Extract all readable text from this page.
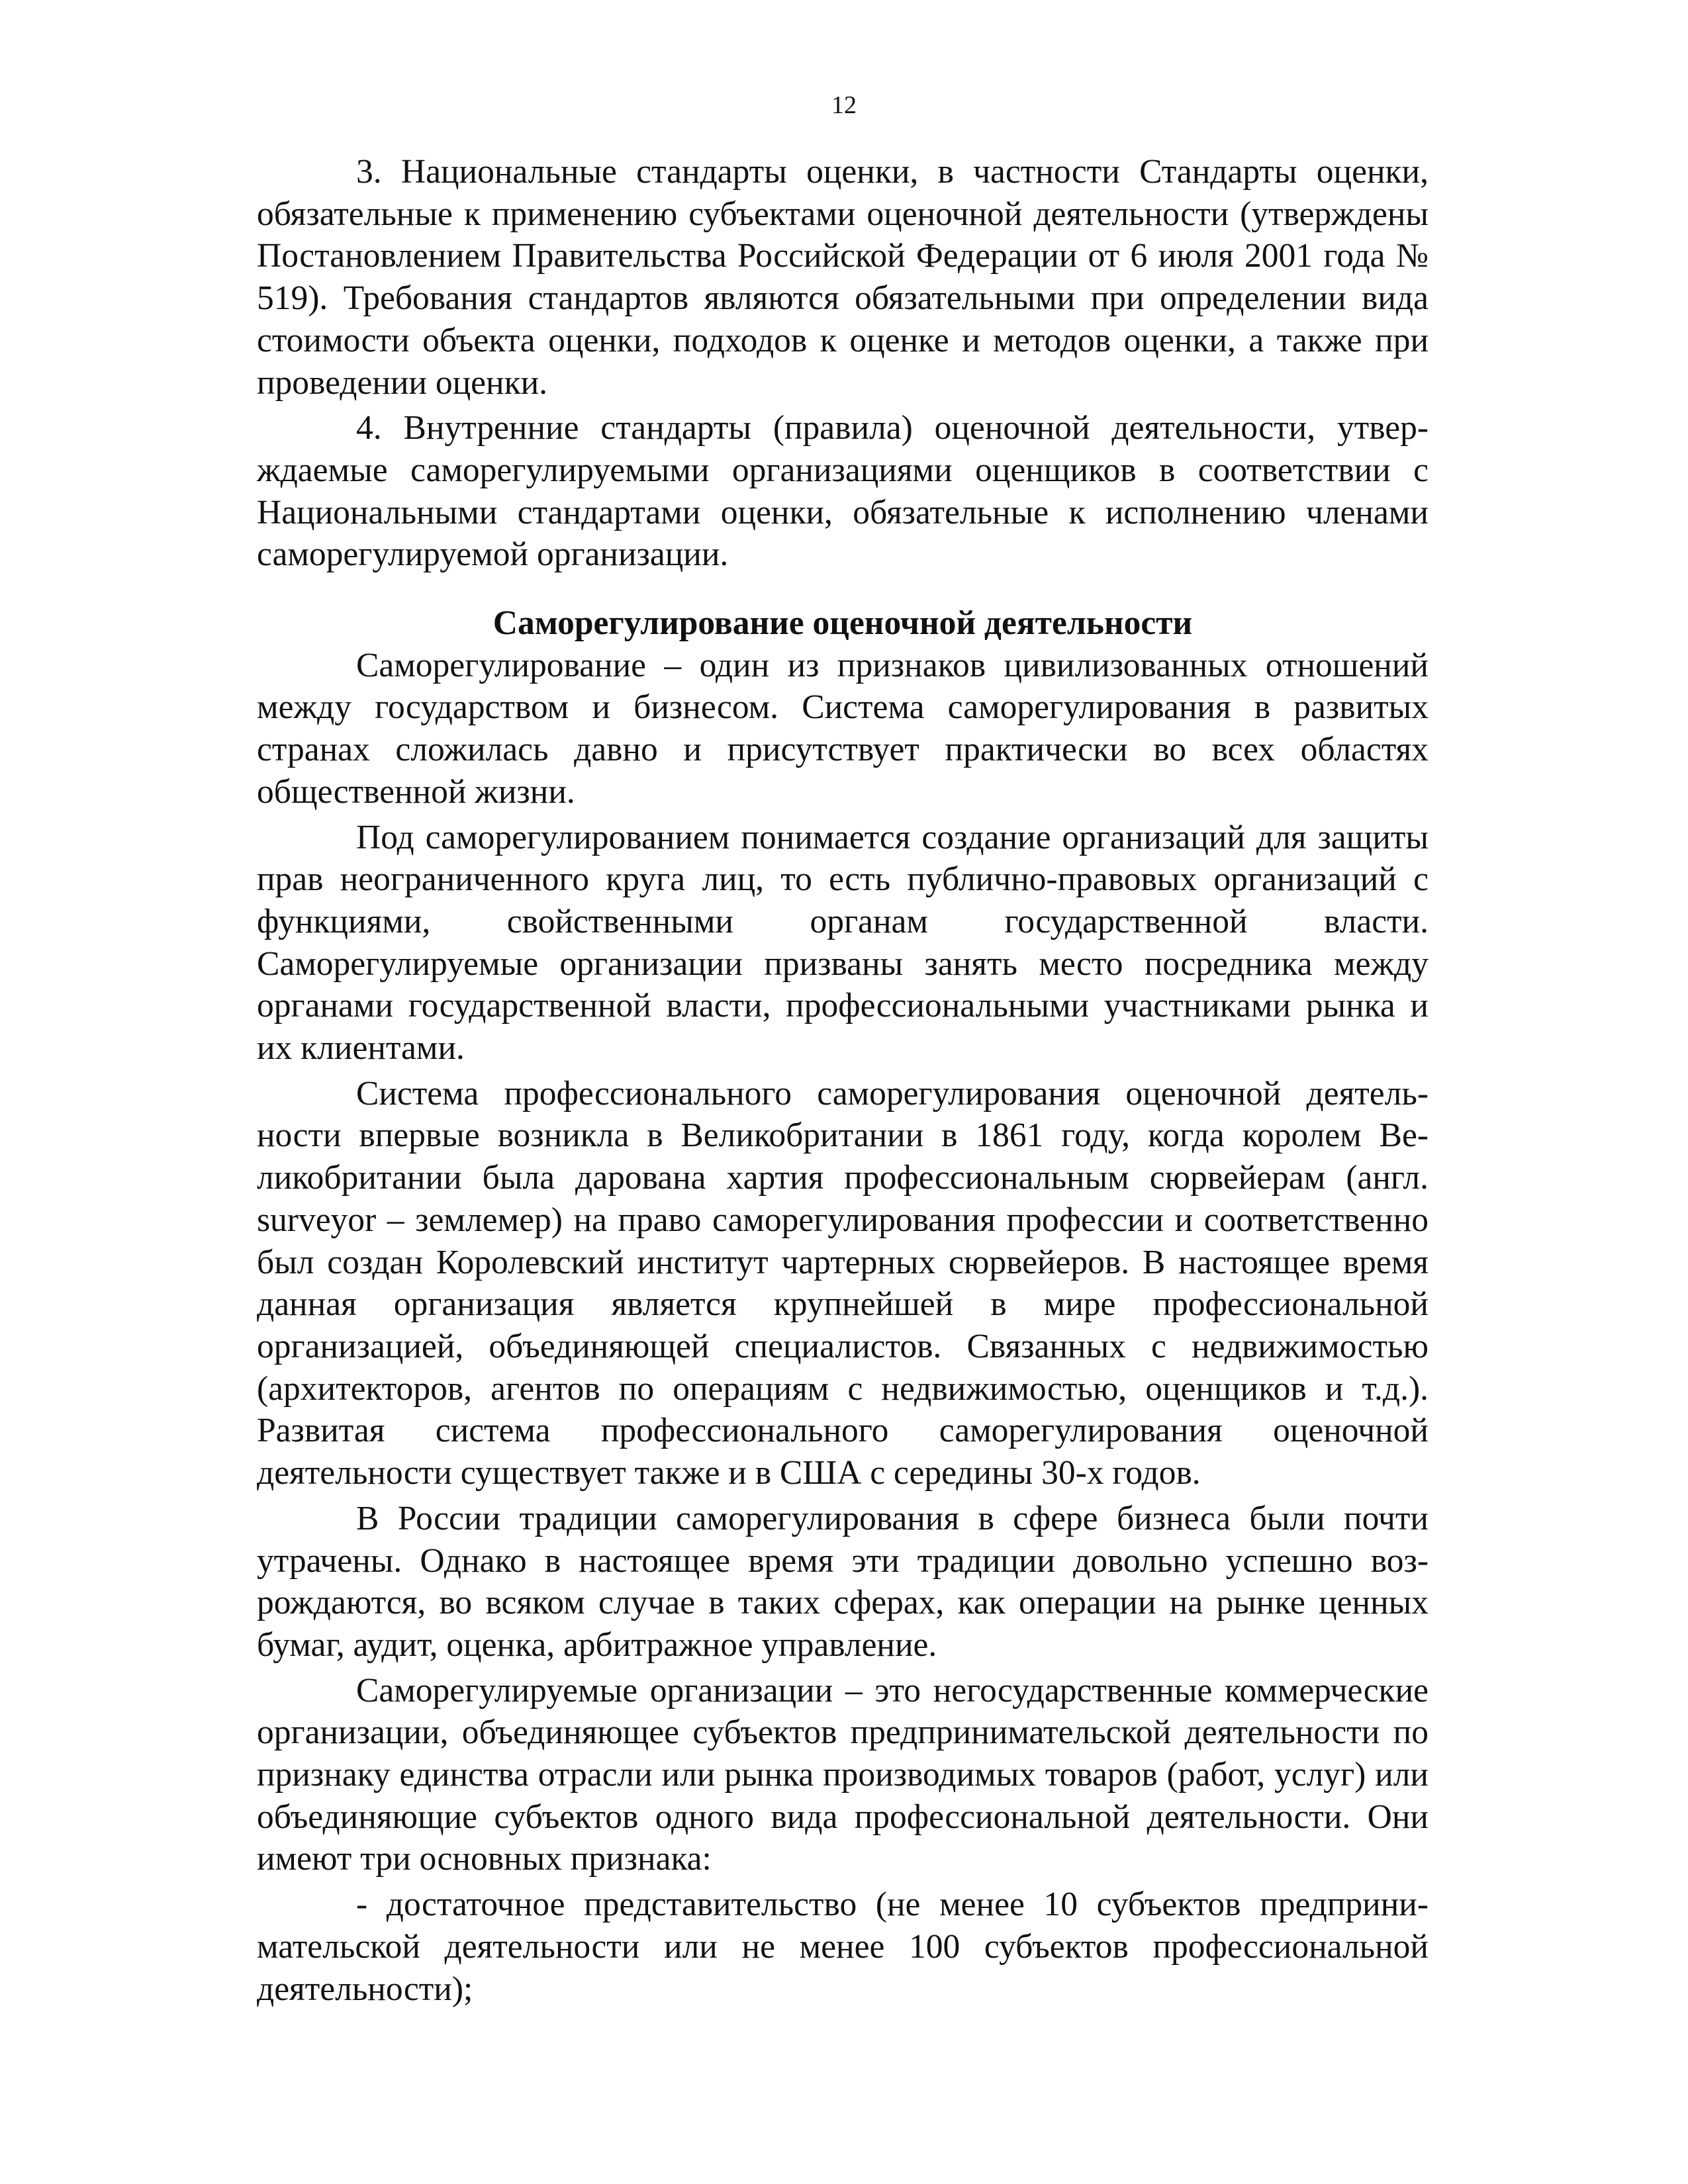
12

3. Национальные стандарты оценки, в частности Стандарты оценки, обязательные к применению субъектами оценочной деятельности (утверждены Постановлением Правительства Российской Федерации от 6 июля 2001 года № 519). Требования стандартов являются обязательными при определении вида стоимости объекта оценки, подходов к оценке и методов оценки, а также при проведении оценки.

4. Внутренние стандарты (правила) оценочной деятельности, утверждаемые саморегулируемыми организациями оценщиков в соответствии с Национальными стандартами оценки, обязательные к исполнению членами саморегулируемой организации.

Саморегулирование оценочной деятельности

Саморегулирование – один из признаков цивилизованных отношений между государством и бизнесом. Система саморегулирования в развитых странах сложилась давно и присутствует практически во всех областях общественной жизни.

Под саморегулированием понимается создание организаций для защиты прав неограниченного круга лиц, то есть публично-правовых организаций с функциями, свойственными органам государственной власти. Саморегулируемые организации призваны занять место посредника между органами государственной власти, профессиональными участниками рынка и их клиентами.

Система профессионального саморегулирования оценочной деятельности впервые возникла в Великобритании в 1861 году, когда королем Великобритании была дарована хартия профессиональным сюрвейерам (англ. surveyor – землемер) на право саморегулирования профессии и соответственно был создан Королевский институт чартерных сюрвейеров. В настоящее время данная организация является крупнейшей в мире профессиональной организацией, объединяющей специалистов. Связанных с недвижимостью (архитекторов, агентов по операциям с недвижимостью, оценщиков и т.д.). Развитая система профессионального саморегулирования оценочной деятельности существует также и в США с середины 30-х годов.

В России традиции саморегулирования в сфере бизнеса были почти утрачены. Однако в настоящее время эти традиции довольно успешно возрождаются, во всяком случае в таких сферах, как операции на рынке ценных бумаг, аудит, оценка, арбитражное управление.

Саморегулируемые организации – это негосударственные коммерческие организации, объединяющее субъектов предпринимательской деятельности по признаку единства отрасли или рынка производимых товаров (работ, услуг) или объединяющие субъектов одного вида профессиональной деятельности. Они имеют три основных признака:

- достаточное представительство (не менее 10 субъектов предпринимательской деятельности или не менее 100 субъектов профессиональной деятельности);
